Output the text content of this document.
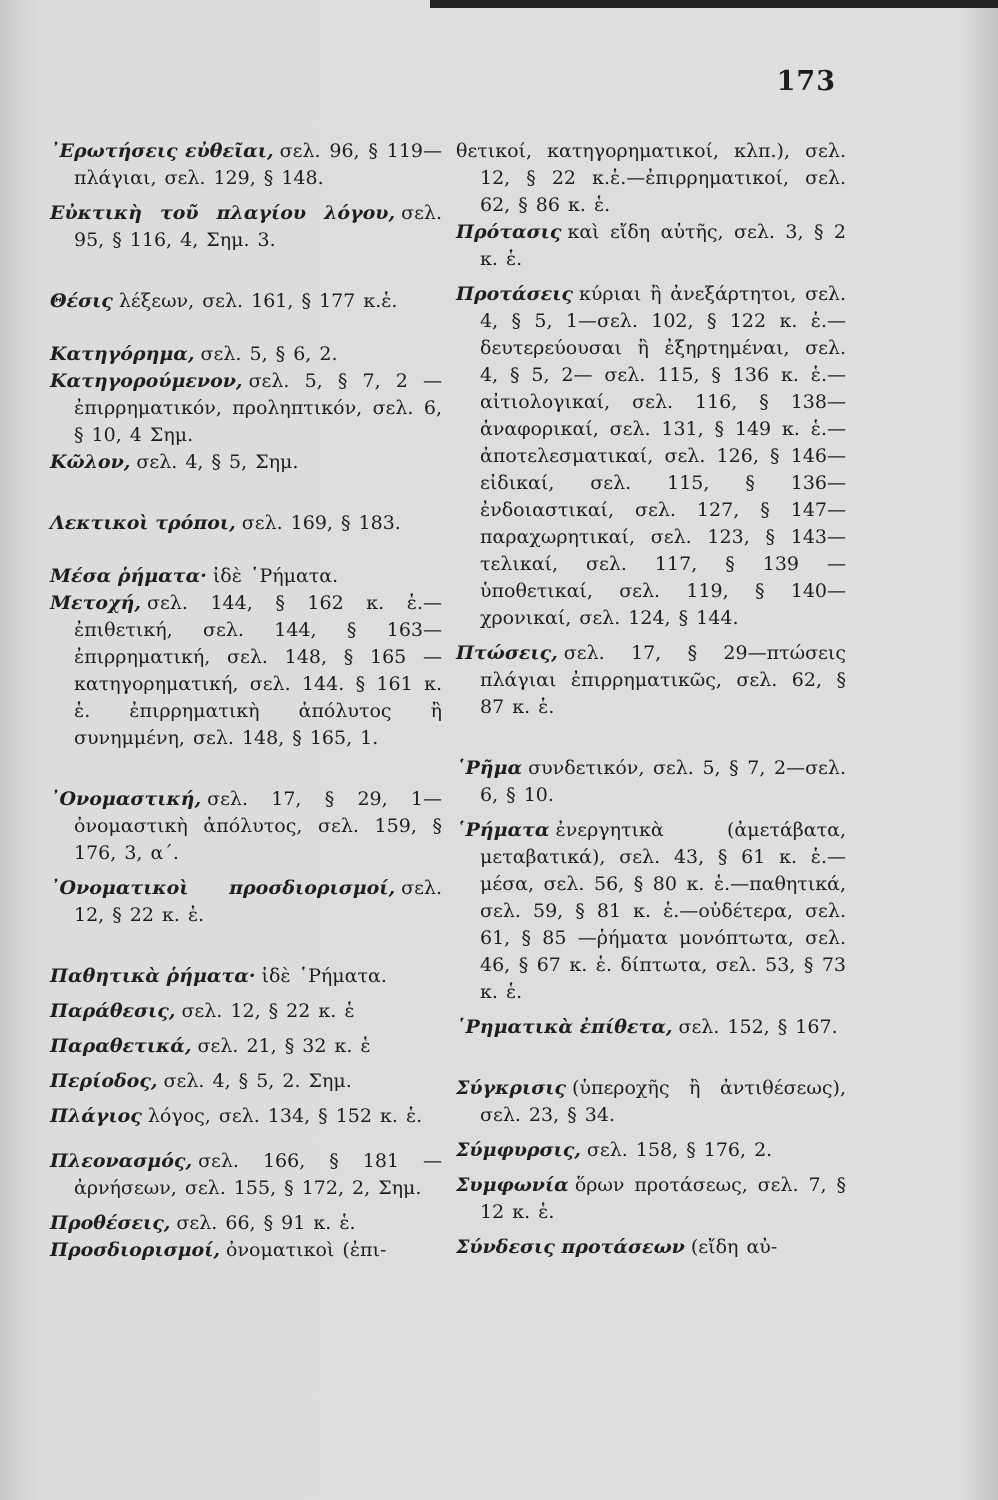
173
᾿Ερωτήσεις εὐθεῖαι, σελ. 96, § 119—πλάγιαι, σελ. 129, § 148.
Εὐκτικὴ τοῦ πλαγίου λόγου, σελ. 95, § 116, 4, Σημ. 3.
Θέσις λέξεων, σελ. 161, § 177 κ.ἑ.
Κατηγόρημα, σελ. 5, § 6, 2.
Κατηγορούμενον, σελ. 5, § 7, 2 —ἐπιρρηματικόν, προληπτικόν, σελ. 6, § 10, 4 Σημ.
Κῶλον, σελ. 4, § 5, Σημ.
Λεκτικοὶ τρόποι, σελ. 169, § 183.
Μέσα ῥήματα· ἰδὲ ῾Ρήματα.
Μετοχή, σελ. 144, § 162 κ. ἑ.—ἐπιθετική, σελ. 144, § 163—ἐπιρρηματική, σελ. 148, § 165 —κατηγορηματική, σελ. 144. § 161 κ. ἑ. ἐπιρρηματικὴ ἀπόλυτος ἢ συνημμένη, σελ. 148, § 165, 1.
᾿Ονομαστική, σελ. 17, § 29, 1— ὀνομαστικὴ ἀπόλυτος, σελ. 159, § 176, 3, α΄.
᾿Ονοματικοὶ προσδιορισμοί, σελ. 12, § 22 κ. ἑ.
Παθητικὰ ῥήματα· ἰδὲ ῾Ρήματα.
Παράθεσις, σελ. 12, § 22 κ. ἑ
Παραθετικά, σελ. 21, § 32 κ. ἑ
Περίοδος, σελ. 4, § 5, 2. Σημ.
Πλάγιος λόγος, σελ. 134, § 152 κ. ἑ.
Πλεονασμός, σελ. 166, § 181 — ἀρνήσεων, σελ. 155, § 172, 2, Σημ.
Προθέσεις, σελ. 66, § 91 κ. ἑ.
Προσδιορισμοί, ὀνοματικοὶ (ἐπι-
θετικοί, κατηγορηματικοί, κλπ.), σελ. 12, § 22 κ.ἑ.—ἐπιρρηματικοί, σελ. 62, § 86 κ. ἑ.
Πρότασις καὶ εἴδη αὐτῆς, σελ. 3, § 2 κ. ἑ.
Προτάσεις κύριαι ἢ ἀνεξάρτητοι, σελ. 4, § 5, 1—σελ. 102, § 122 κ. ἑ.—δευτερεύουσαι ἢ ἐξηρτημέναι, σελ. 4, § 5, 2— σελ. 115, § 136 κ. ἑ.—αἰτιολογικαί, σελ. 116, § 138—ἀναφορικαί, σελ. 131, § 149 κ. ἑ.—ἀποτελεσματικαί, σελ. 126, § 146—εἰδικαί, σελ. 115, § 136—ἐνδοιαστικαί, σελ. 127, § 147—παραχωρητικαί, σελ. 123, § 143—τελικαί, σελ. 117, § 139 — ὑποθετικαί, σελ. 119, § 140—χρονικαί, σελ. 124, § 144.
Πτώσεις, σελ. 17, § 29—πτώσεις πλάγιαι ἐπιρρηματικῶς, σελ. 62, § 87 κ. ἑ.
῾Ρῆμα συνδετικόν, σελ. 5, § 7, 2—σελ. 6, § 10.
῾Ρήματα ἐνεργητικὰ (ἀμετάβατα, μεταβατικά), σελ. 43, § 61 κ. ἑ.—μέσα, σελ. 56, § 80 κ. ἑ.—παθητικά, σελ. 59, § 81 κ. ἑ.—οὐδέτερα, σελ. 61, § 85 —ῥήματα μονόπτωτα, σελ. 46, § 67 κ. ἑ. δίπτωτα, σελ. 53, § 73 κ. ἑ.
῾Ρηματικὰ ἐπίθετα, σελ. 152, § 167.
Σύγκρισις (ὑπεροχῆς ἢ ἀντιθέσεως), σελ. 23, § 34.
Σύμφυρσις, σελ. 158, § 176, 2.
Συμφωνία ὅρων προτάσεως, σελ. 7, § 12 κ. ἑ.
Σύνδεσις προτάσεων (εἴδη αὐ-
